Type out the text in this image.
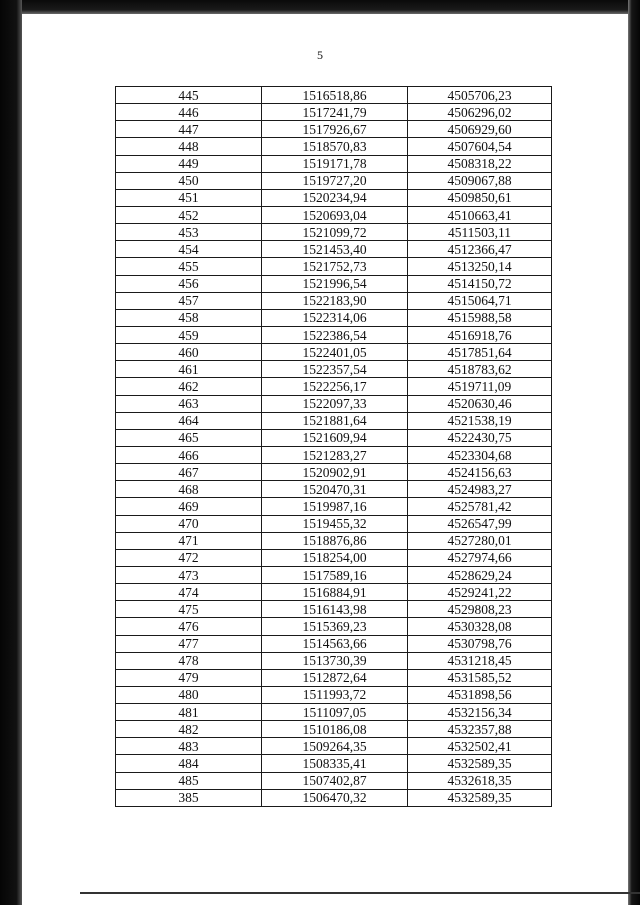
5
445	1516518,86	4505706,23
446	1517241,79	4506296,02
447	1517926,67	4506929,60
448	1518570,83	4507604,54
449	1519171,78	4508318,22
450	1519727,20	4509067,88
451	1520234,94	4509850,61
452	1520693,04	4510663,41
453	1521099,72	4511503,11
454	1521453,40	4512366,47
455	1521752,73	4513250,14
456	1521996,54	4514150,72
457	1522183,90	4515064,71
458	1522314,06	4515988,58
459	1522386,54	4516918,76
460	1522401,05	4517851,64
461	1522357,54	4518783,62
462	1522256,17	4519711,09
463	1522097,33	4520630,46
464	1521881,64	4521538,19
465	1521609,94	4522430,75
466	1521283,27	4523304,68
467	1520902,91	4524156,63
468	1520470,31	4524983,27
469	1519987,16	4525781,42
470	1519455,32	4526547,99
471	1518876,86	4527280,01
472	1518254,00	4527974,66
473	1517589,16	4528629,24
474	1516884,91	4529241,22
475	1516143,98	4529808,23
476	1515369,23	4530328,08
477	1514563,66	4530798,76
478	1513730,39	4531218,45
479	1512872,64	4531585,52
480	1511993,72	4531898,56
481	1511097,05	4532156,34
482	1510186,08	4532357,88
483	1509264,35	4532502,41
484	1508335,41	4532589,35
485	1507402,87	4532618,35
385	1506470,32	4532589,35
